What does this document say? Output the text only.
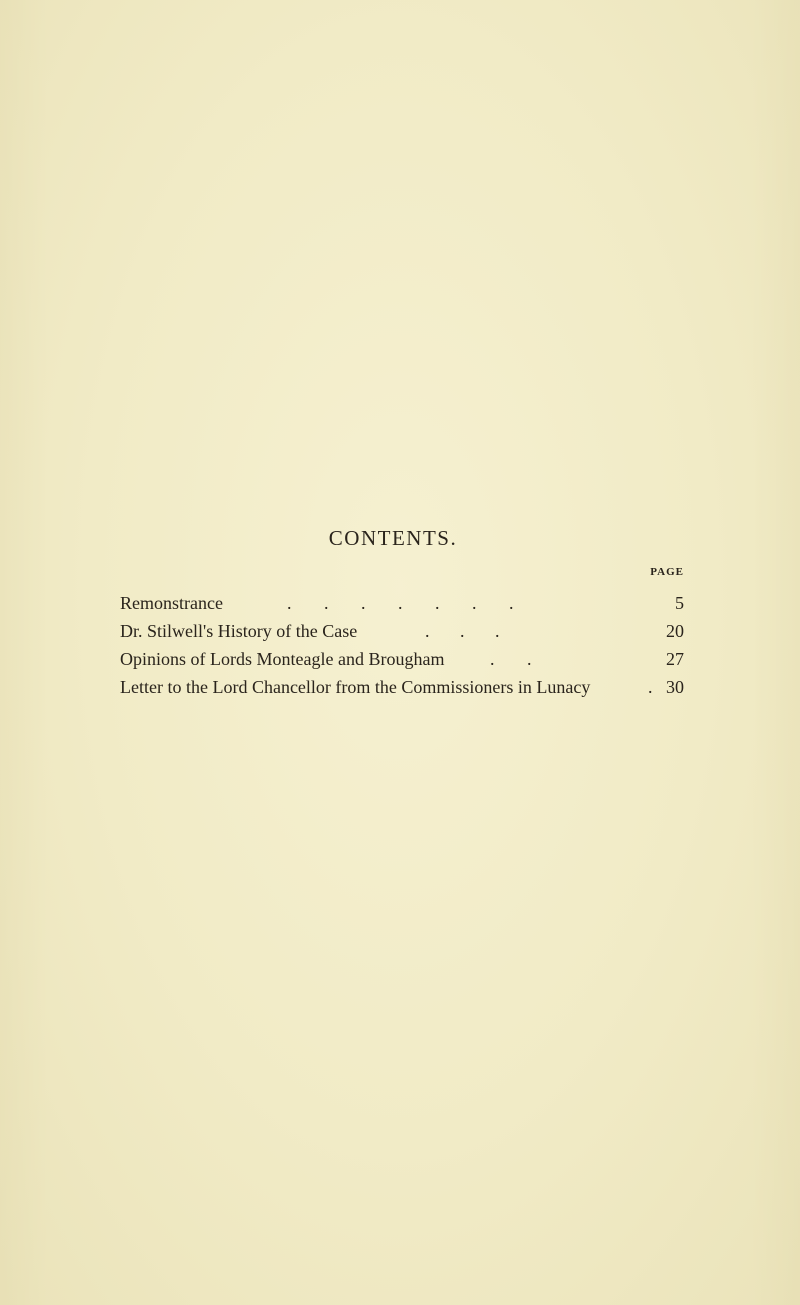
CONTENTS.
PAGE
Remonstrance	. . . . . . .	5
Dr. Stilwell's History of the Case	. . .	20
Opinions of Lords Monteagle and Brougham	. .	27
Letter to the Lord Chancellor from the Commissioners in Lunacy	. 30
